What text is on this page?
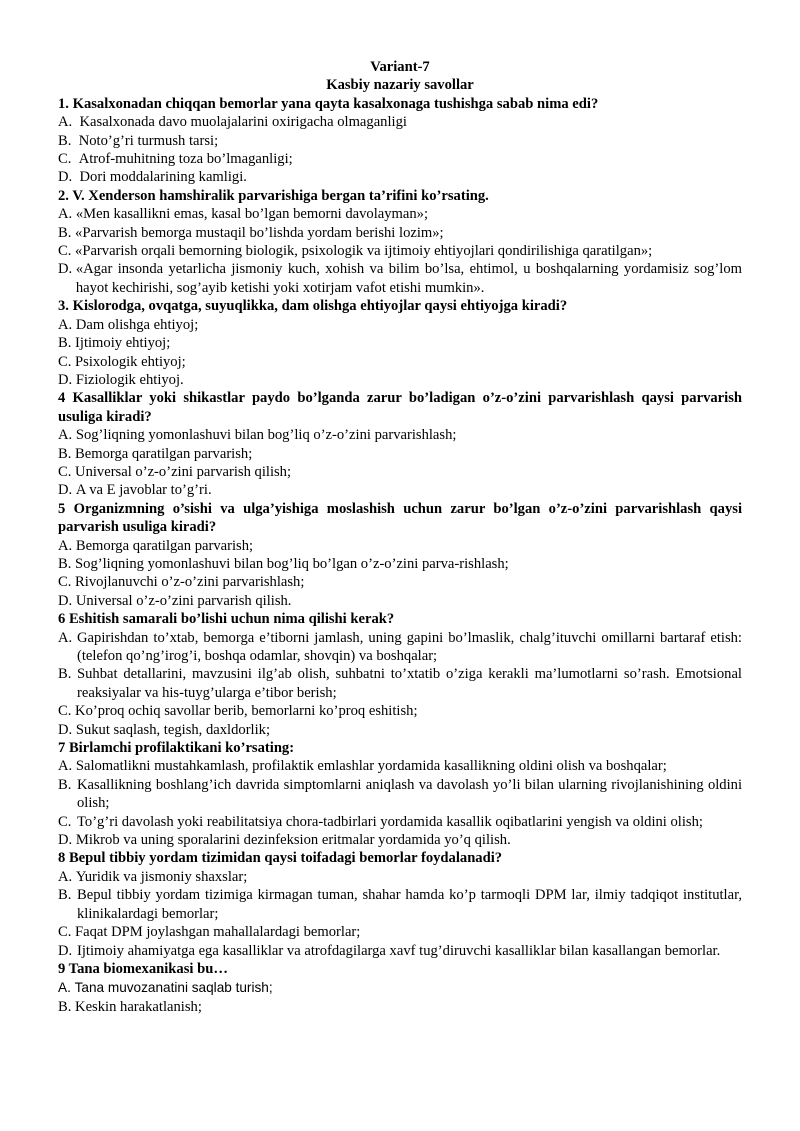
Variant-7
Kasbiy nazariy savollar
1. Kasalxonadan chiqqan bemorlar yana qayta kasalxonaga tushishga sabab nima edi?
A. Kasalxonada davo muolajalarini oxirigacha olmaganligi
B. Noto’g’ri turmush tarsi;
C. Atrof-muhitning toza bo’lmaganligi;
D. Dori moddalarining kamligi.
2. V. Xenderson hamshiralik parvarishiga bergan ta’rifini ko’rsating.
A. «Men kasallikni emas, kasal bo’lgan bemorni davolayman»;
B. «Parvarish bemorga mustaqil bo’lishda yordam berishi lozim»;
C. «Parvarish orqali bemorning biologik, psixologik va ijtimoiy ehtiyojlari qondirilishiga qaratilgan»;
D. «Agar insonda yetarlicha jismoniy kuch, xohish va bilim bo’lsa, ehtimol, u boshqalarning yordamisiz sog’lom hayot kechirishi, sog’ayib ketishi yoki xotirjam vafot etishi mumkin».
3. Kislorodga, ovqatga, suyuqlikka, dam olishga ehtiyojlar qaysi ehtiyojga kiradi?
A. Dam olishga ehtiyoj;
B. Ijtimoiy ehtiyoj;
C. Psixologik ehtiyoj;
D. Fiziologik ehtiyoj.
4 Kasalliklar yoki shikastlar paydo bo’lganda zarur bo’ladigan o’z-o’zini parvarishlash qaysi parvarish usuliga kiradi?
A. Sog’liqning yomonlashuvi bilan bog’liq o’z-o’zini parvarishlash;
B. Bemorga qaratilgan parvarish;
C. Universal o’z-o’zini parvarish qilish;
D. A va E javoblar to’g’ri.
5 Organizmning o’sishi va ulga’yishiga moslashish uchun zarur bo’lgan o’z-o’zini parvarishlash qaysi parvarish usuliga kiradi?
A. Bemorga qaratilgan parvarish;
B. Sog’liqning yomonlashuvi bilan bog’liq bo’lgan o’z-o’zini parva-rishlash;
C. Rivojlanuvchi o’z-o’zini parvarishlash;
D. Universal o’z-o’zini parvarish qilish.
6 Eshitish samarali bo’lishi uchun nima qilishi kerak?
A. Gapirishdan to’xtab, bemorga e’tiborni jamlash, uning gapini bo’lmaslik, chalg’ituvchi omillarni bartaraf etish: (telefon qo’ng’irog’i, boshqa odamlar, shovqin) va boshqalar;
B. Suhbat detallarini, mavzusini ilg’ab olish, suhbatni to’xtatib o’ziga kerakli ma’lumotlarni so’rash. Emotsional reaksiyalar va his-tuyg’ularga e’tibor berish;
C. Ko’proq ochiq savollar berib, bemorlarni ko’proq eshitish;
D. Sukut saqlash, tegish, daxldorlik;
7 Birlamchi profilaktikani ko’rsating:
A. Salomatlikni mustahkamlash, profilaktik emlashlar yordamida kasallikning oldini olish va boshqalar;
B. Kasallikning boshlang’ich davrida simptomlarni aniqlash va davolash yo’li bilan ularning rivojlanishining oldini olish;
C. To’g’ri davolash yoki reabilitatsiya chora-tadbirlari yordamida kasallik oqibatlarini yengish va oldini olish;
D. Mikrob va uning sporalarini dezinfeksion eritmalar yordamida yo’q qilish.
8 Bepul tibbiy yordam tizimidan qaysi toifadagi bemorlar foydalanadi?
A. Yuridik va jismoniy shaxslar;
B. Bepul tibbiy yordam tizimiga kirmagan tuman, shahar hamda ko’p tarmoqli DPM lar, ilmiy tadqiqot institutlar, klinikalardagi bemorlar;
C. Faqat DPM joylashgan mahallalardagi bemorlar;
D. Ijtimoiy ahamiyatga ega kasalliklar va atrofdagilarga xavf tug’diruvchi kasalliklar bilan kasallangan bemorlar.
9 Tana biomexanikasi bu…
A. Tana muvozanatini saqlab turish;
B. Keskin harakatlanish;
